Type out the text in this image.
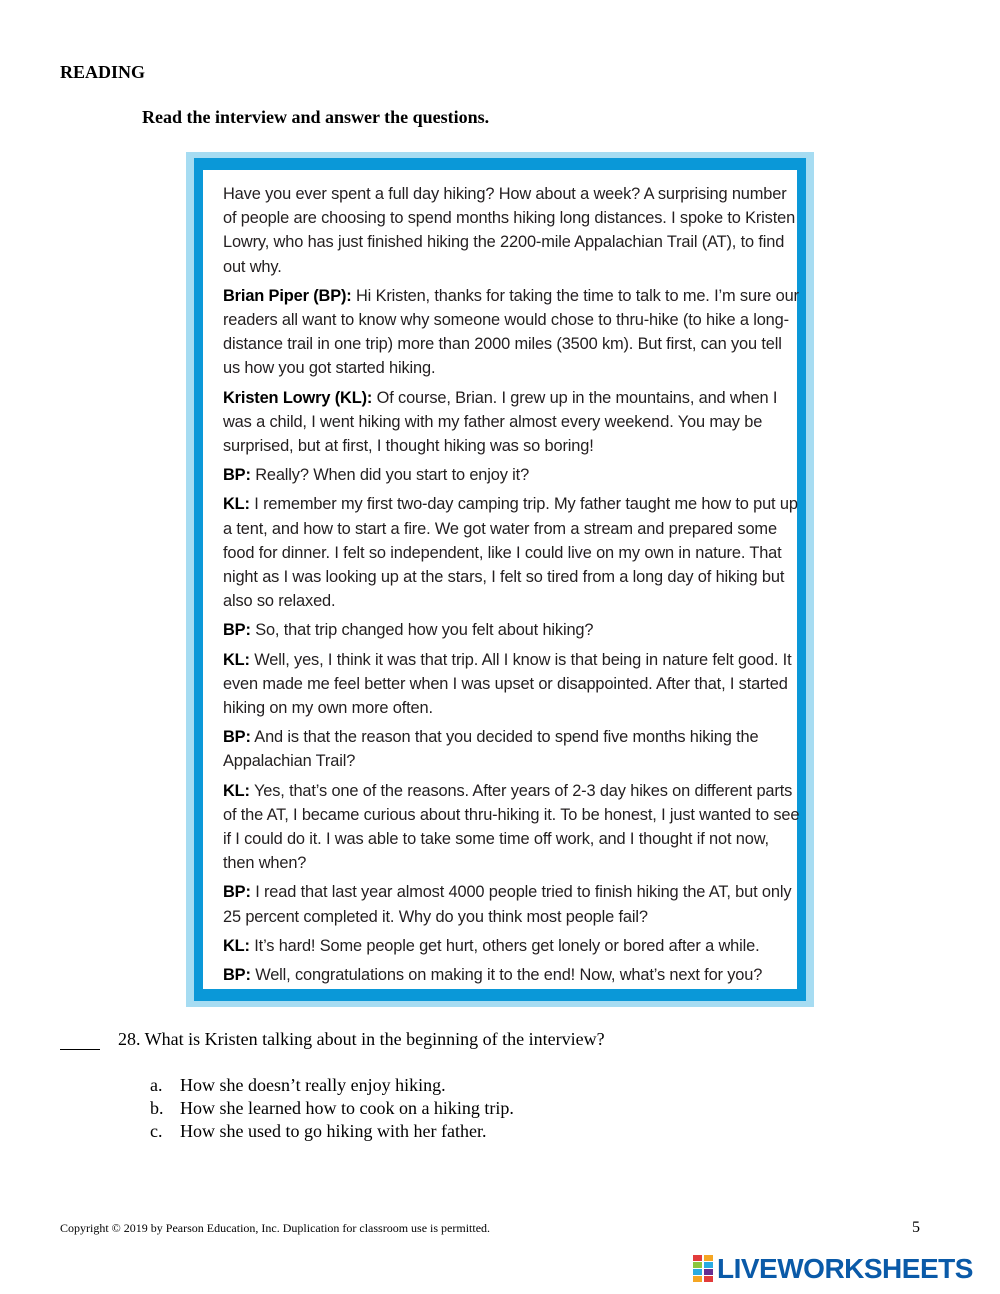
READING
Read the interview and answer the questions.

Have you ever spent a full day hiking? How about a week? A surprising number of people are choosing to spend months hiking long distances. I spoke to Kristen Lowry, who has just finished hiking the 2200-mile Appalachian Trail (AT), to find out why.

Brian Piper (BP): Hi Kristen, thanks for taking the time to talk to me. I’m sure our readers all want to know why someone would chose to thru-hike (to hike a long-distance trail in one trip) more than 2000 miles (3500 km). But first, can you tell us how you got started hiking.

Kristen Lowry (KL): Of course, Brian. I grew up in the mountains, and when I was a child, I went hiking with my father almost every weekend. You may be surprised, but at first, I thought hiking was so boring!

BP: Really? When did you start to enjoy it?

KL: I remember my first two-day camping trip. My father taught me how to put up a tent, and how to start a fire. We got water from a stream and prepared some food for dinner. I felt so independent, like I could live on my own in nature. That night as I was looking up at the stars, I felt so tired from a long day of hiking but also so relaxed.

BP: So, that trip changed how you felt about hiking?

KL: Well, yes, I think it was that trip. All I know is that being in nature felt good. It even made me feel better when I was upset or disappointed. After that, I started hiking on my own more often.

BP: And is that the reason that you decided to spend five months hiking the Appalachian Trail?

KL: Yes, that’s one of the reasons. After years of 2-3 day hikes on different parts of the AT, I became curious about thru-hiking it. To be honest, I just wanted to see if I could do it. I was able to take some time off work, and I thought if not now, then when?

BP: I read that last year almost 4000 people tried to finish hiking the AT, but only 25 percent completed it. Why do you think most people fail?

KL: It’s hard! Some people get hurt, others get lonely or bored after a while.

BP: Well, congratulations on making it to the end! Now, what’s next for you?

28. What is Kristen talking about in the beginning of the interview?

a. How she doesn’t really enjoy hiking.
b. How she learned how to cook on a hiking trip.
c. How she used to go hiking with her father.

Copyright © 2019 by Pearson Education, Inc. Duplication for classroom use is permitted.	5

LIVEWORKSHEETS
